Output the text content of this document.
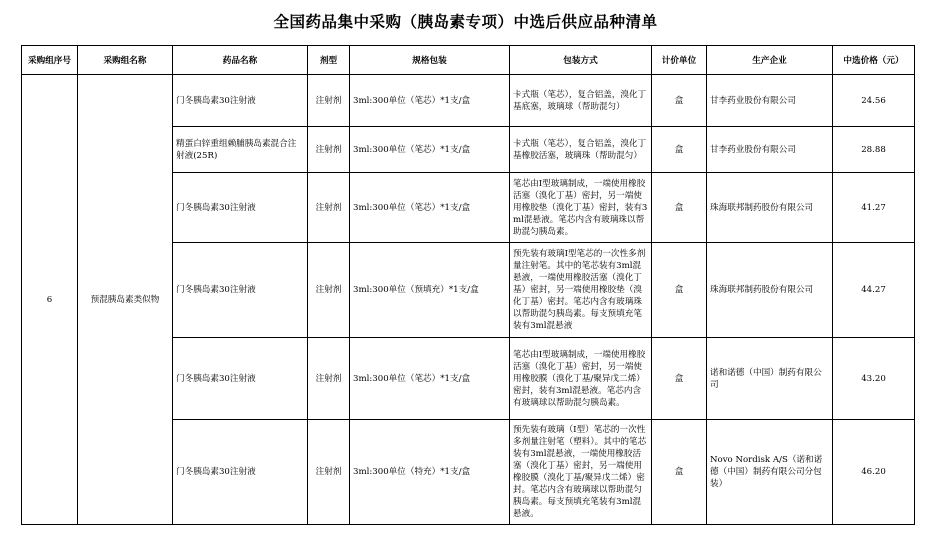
全国药品集中采购（胰岛素专项）中选后供应品种清单
采购组序号	采购组名称	药品名称	剂型	规格包装	包装方式	计价单位	生产企业	中选价格（元）
6	预混胰岛素类似物	门冬胰岛素30注射液	注射剂	3ml:300单位（笔芯）*1支/盒	卡式瓶（笔芯），复合铝盖，溴化丁基底塞，玻璃球（帮助混匀）	盒	甘李药业股份有限公司	24.56
		精蛋白锌重组赖脯胰岛素混合注射液(25R)	注射剂	3ml:300单位（笔芯）*1支/盒	卡式瓶（笔芯），复合铝盖，溴化丁基橡胶活塞，玻璃珠（帮助混匀）	盒	甘李药业股份有限公司	28.88
		门冬胰岛素30注射液	注射剂	3ml:300单位（笔芯）*1支/盒	笔芯由Ⅰ型玻璃制成，一端使用橡胶活塞（溴化丁基）密封，另一端使用橡胶垫（溴化丁基）密封，装有3ml混悬液。笔芯内含有玻璃珠以帮助混匀胰岛素。	盒	珠海联邦制药股份有限公司	41.27
		门冬胰岛素30注射液	注射剂	3ml:300单位（预填充）*1支/盒	预先装有玻璃Ⅰ型笔芯的一次性多剂量注射笔。其中的笔芯装有3ml混悬液，一端使用橡胶活塞（溴化丁基）密封，另一端使用橡胶垫（溴化丁基）密封。笔芯内含有玻璃珠以帮助混匀胰岛素。每支预填充笔装有3ml混悬液	盒	珠海联邦制药股份有限公司	44.27
		门冬胰岛素30注射液	注射剂	3ml:300单位（笔芯）*1支/盒	笔芯由Ⅰ型玻璃制成，一端使用橡胶活塞（溴化丁基）密封，另一端使用橡胶膜（溴化丁基/聚异戊二烯）密封，装有3ml混悬液。笔芯内含有玻璃球以帮助混匀胰岛素。	盒	诺和诺德（中国）制药有限公司	43.20
		门冬胰岛素30注射液	注射剂	3ml:300单位（特充）*1支/盒	预先装有玻璃（Ⅰ型）笔芯的一次性多剂量注射笔（塑料）。其中的笔芯装有3ml混悬液，一端使用橡胶活塞（溴化丁基）密封，另一端使用橡胶膜（溴化丁基/聚异戊二烯）密封。笔芯内含有玻璃球以帮助混匀胰岛素。每支预填充笔装有3ml混悬液。	盒	Novo Nordisk A/S（诺和诺德（中国）制药有限公司分包装）	46.20
